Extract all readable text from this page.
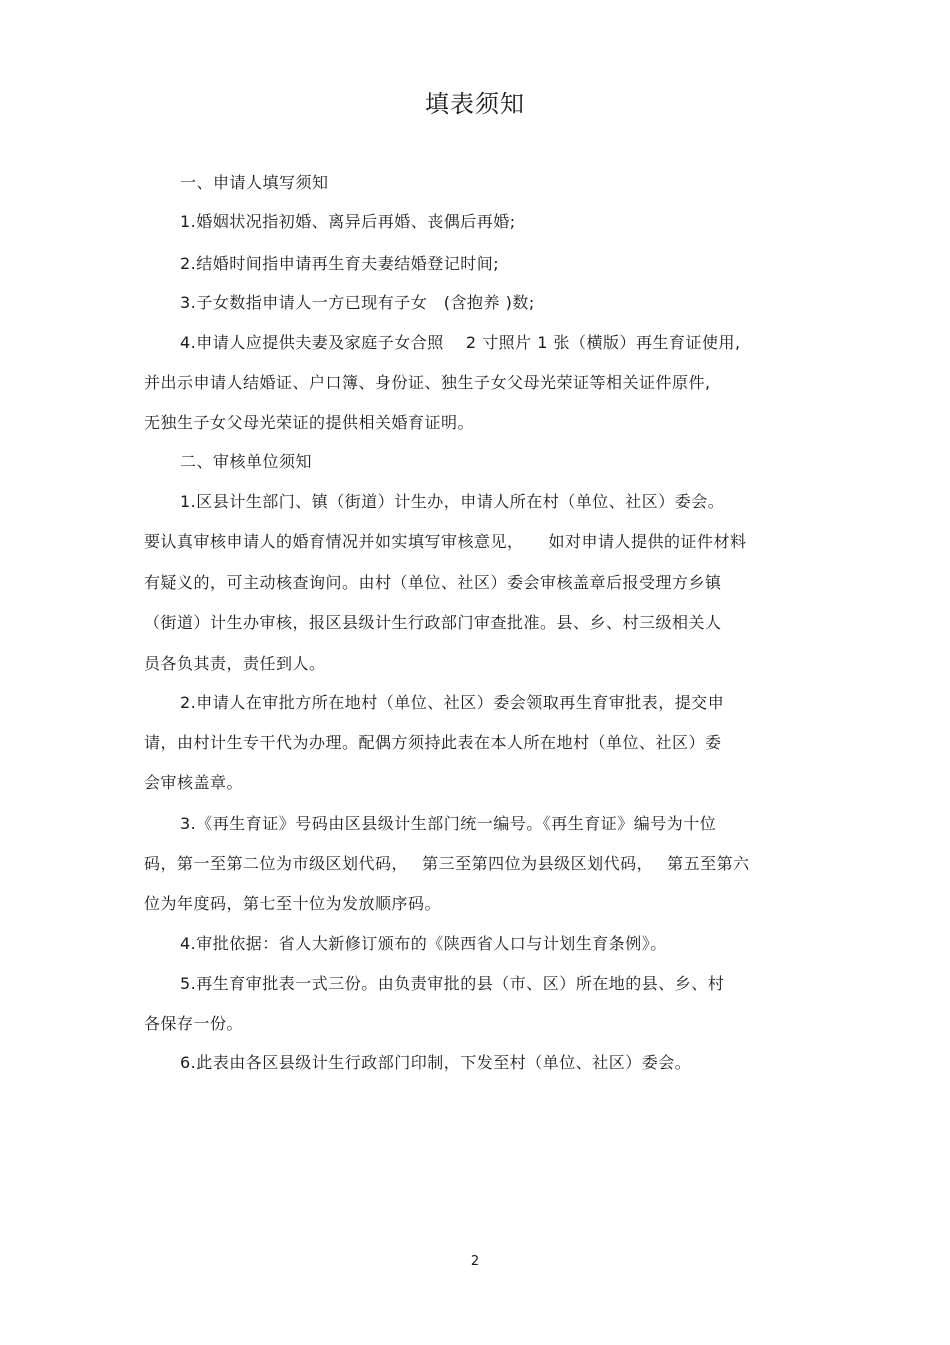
填表须知

一、申请人填写须知

1.婚姻状况指初婚、离异后再婚、丧偶后再婚;

2.结婚时间指申请再生育夫妻结婚登记时间;

3.子女数指申请人一方已现有子女　(含抱养 )数;

4.申请人应提供夫妻及家庭子女合照　 2 寸照片 1 张（横版）再生育证使用,

并出示申请人结婚证、户口簿、身份证、独生子女父母光荣证等相关证件原件,

无独生子女父母光荣证的提供相关婚育证明。

二、审核单位须知

1.区县计生部门、镇（街道）计生办，申请人所在村（单位、社区）委会。

要认真审核申请人的婚育情况并如实填写审核意见，　　如对申请人提供的证件材料

有疑义的，可主动核查询问。由村（单位、社区）委会审核盖章后报受理方乡镇

（街道）计生办审核，报区县级计生行政部门审查批准。县、乡、村三级相关人

员各负其责，责任到人。

2.申请人在审批方所在地村（单位、社区）委会领取再生育审批表，提交申

请，由村计生专干代为办理。配偶方须持此表在本人所在地村（单位、社区）委

会审核盖章。

3.《再生育证》号码由区县级计生部门统一编号。《再生育证》编号为十位

码，第一至第二位为市级区划代码，　 第三至第四位为县级区划代码，　 第五至第六

位为年度码，第七至十位为发放顺序码。

4.审批依据：省人大新修订颁布的《陕西省人口与计划生育条例》。

5.再生育审批表一式三份。由负责审批的县（市、区）所在地的县、乡、村

各保存一份。

6.此表由各区县级计生行政部门印制，下发至村（单位、社区）委会。

2
